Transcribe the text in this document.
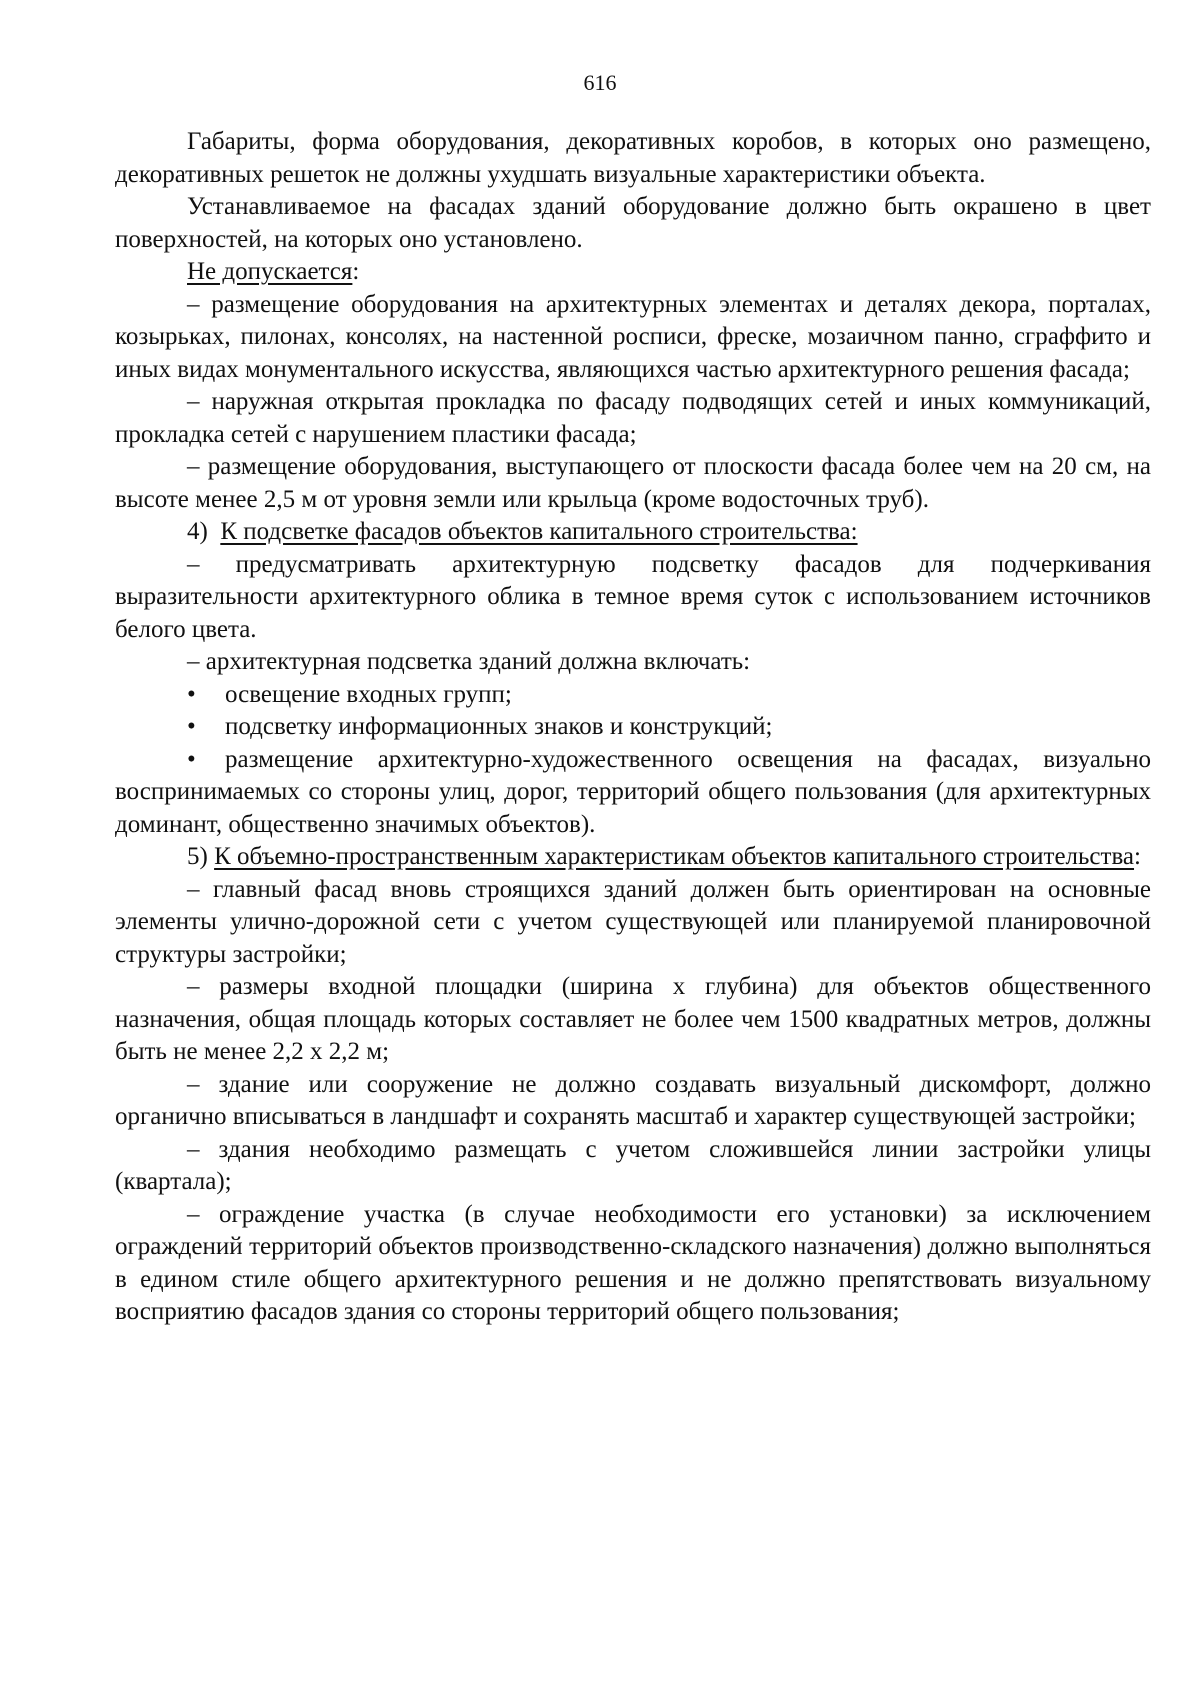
616

Габариты, форма оборудования, декоративных коробов, в которых оно размещено, декоративных решеток не должны ухудшать визуальные характеристики объекта.

Устанавливаемое на фасадах зданий оборудование должно быть окрашено в цвет поверхностей, на которых оно установлено.

Не допускается:

– размещение оборудования на архитектурных элементах и деталях декора, порталах, козырьках, пилонах, консолях, на настенной росписи, фреске, мозаичном панно, сграффито и иных видах монументального искусства, являющихся частью архитектурного решения фасада;

– наружная открытая прокладка по фасаду подводящих сетей и иных коммуникаций, прокладка сетей с нарушением пластики фасада;

– размещение оборудования, выступающего от плоскости фасада более чем на 20 см, на высоте менее 2,5 м от уровня земли или крыльца (кроме водосточных труб).

4) К подсветке фасадов объектов капитального строительства:

– предусматривать архитектурную подсветку фасадов для подчеркивания выразительности архитектурного облика в темное время суток с использованием источников белого цвета.

– архитектурная подсветка зданий должна включать:

• освещение входных групп;

• подсветку информационных знаков и конструкций;

• размещение архитектурно-художественного освещения на фасадах, визуально воспринимаемых со стороны улиц, дорог, территорий общего пользования (для архитектурных доминант, общественно значимых объектов).

5) К объемно-пространственным характеристикам объектов капитального строительства:

– главный фасад вновь строящихся зданий должен быть ориентирован на основные элементы улично-дорожной сети с учетом существующей или планируемой планировочной структуры застройки;

– размеры входной площадки (ширина х глубина) для объектов общественного назначения, общая площадь которых составляет не более чем 1500 квадратных метров, должны быть не менее 2,2 х 2,2 м;

– здание или сооружение не должно создавать визуальный дискомфорт, должно органично вписываться в ландшафт и сохранять масштаб и характер существующей застройки;

– здания необходимо размещать с учетом сложившейся линии застройки улицы (квартала);

– ограждение участка (в случае необходимости его установки) за исключением ограждений территорий объектов производственно-складского назначения) должно выполняться в едином стиле общего архитектурного решения и не должно препятствовать визуальному восприятию фасадов здания со стороны территорий общего пользования;
